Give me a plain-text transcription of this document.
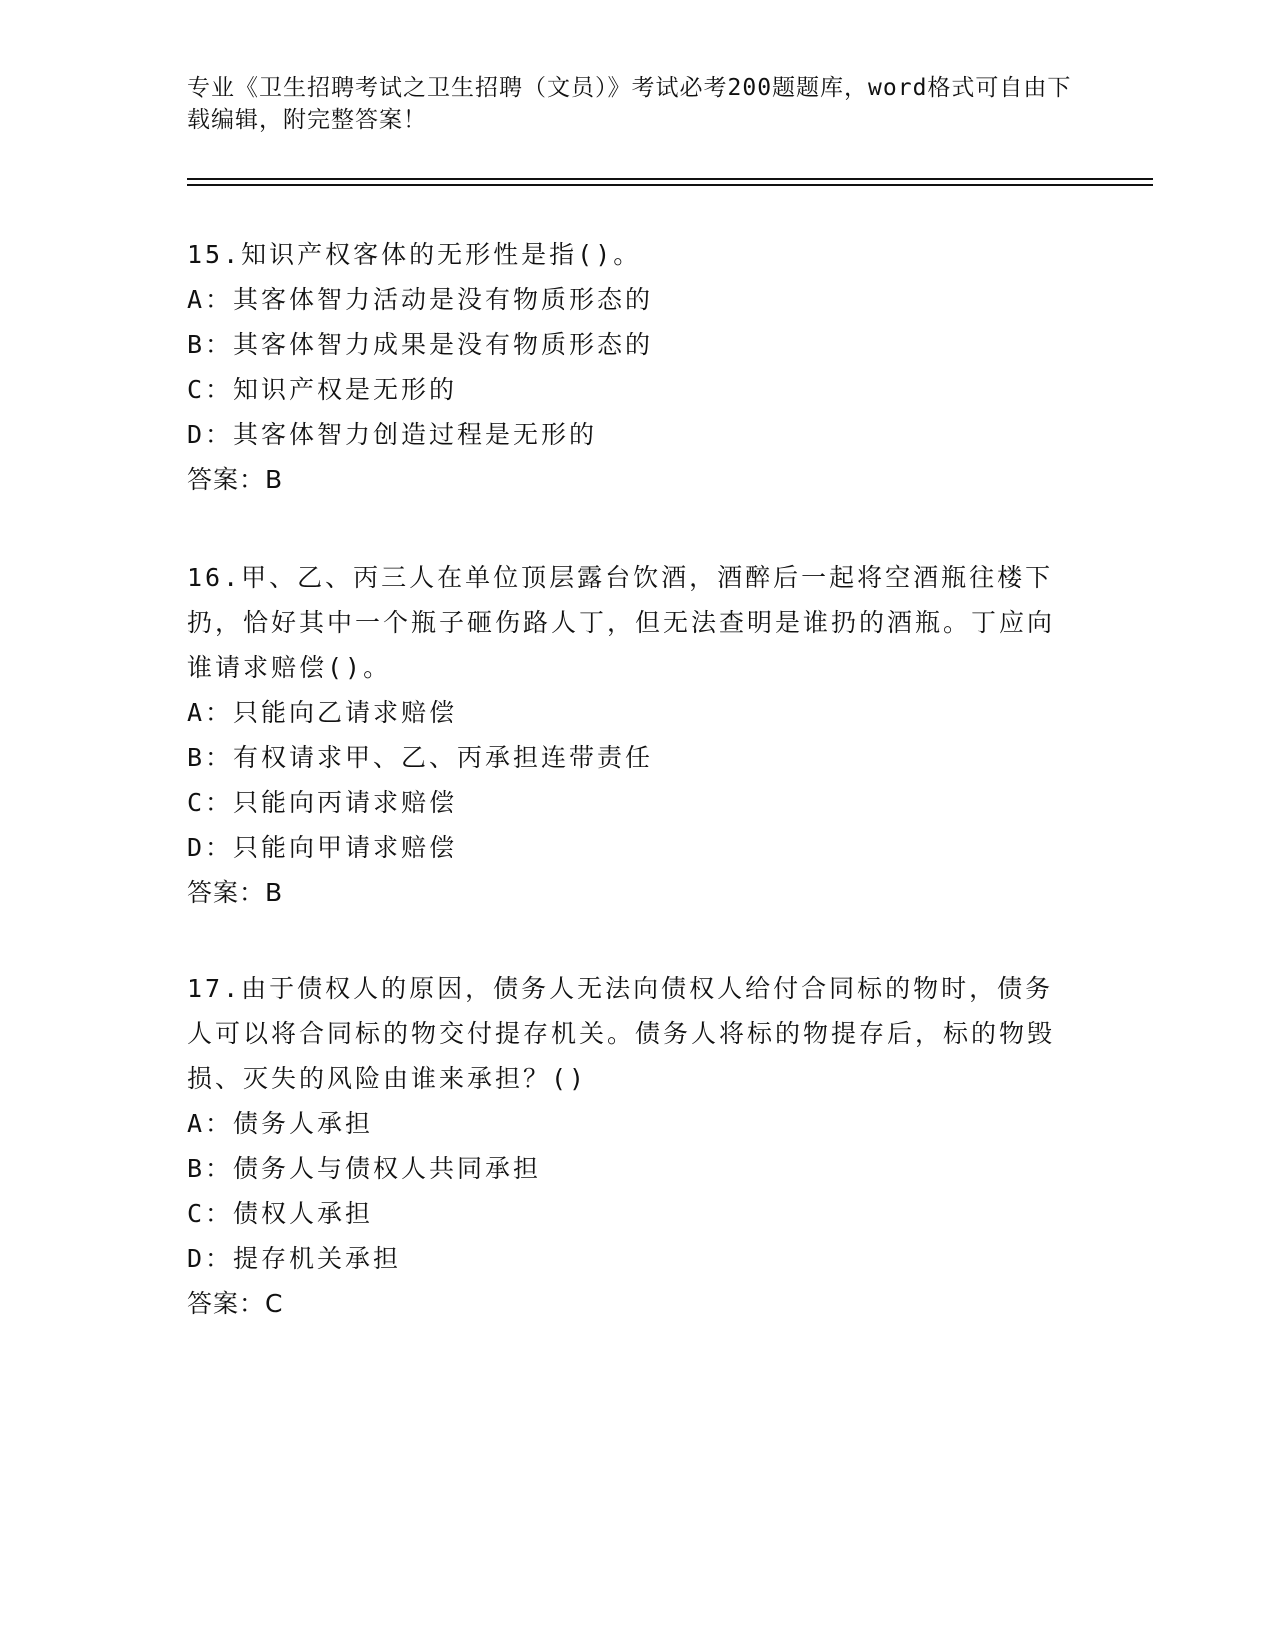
专业《卫生招聘考试之卫生招聘（文员）》考试必考200题题库，word格式可自由下载编辑，附完整答案！

15.知识产权客体的无形性是指()。

A：其客体智力活动是没有物质形态的

B：其客体智力成果是没有物质形态的

C：知识产权是无形的

D：其客体智力创造过程是无形的

答案：B

16.甲、乙、丙三人在单位顶层露台饮酒，酒醉后一起将空酒瓶往楼下扔，恰好其中一个瓶子砸伤路人丁，但无法查明是谁扔的酒瓶。丁应向谁请求赔偿()。

A：只能向乙请求赔偿

B：有权请求甲、乙、丙承担连带责任

C：只能向丙请求赔偿

D：只能向甲请求赔偿

答案：B

17.由于债权人的原因，债务人无法向债权人给付合同标的物时，债务人可以将合同标的物交付提存机关。债务人将标的物提存后，标的物毁损、灭失的风险由谁来承担？()

A：债务人承担

B：债务人与债权人共同承担

C：债权人承担

D：提存机关承担

答案：C
